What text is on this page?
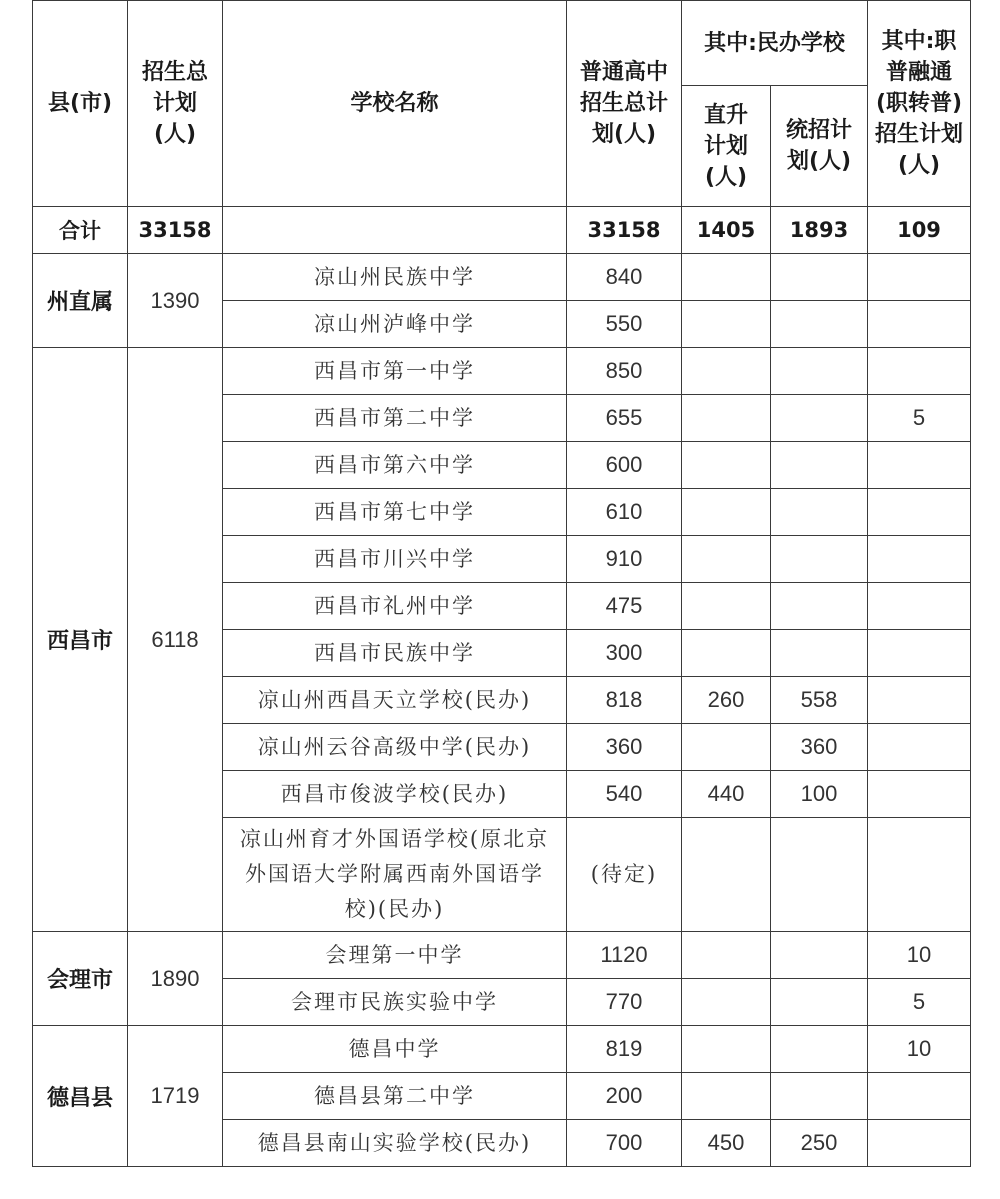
县(市)	招生总计划(人)	学校名称	普通高中招生总计划(人)	其中:民办学校		其中:职普融通(职转普)招生计划(人)
				直升计划(人)	统招计划(人)	
合计	33158		33158	1405	1893	109
州直属	1390	凉山州民族中学	840			
		凉山州泸峰中学	550			
西昌市	6118	西昌市第一中学	850			
		西昌市第二中学	655			5
		西昌市第六中学	600			
		西昌市第七中学	610			
		西昌市川兴中学	910			
		西昌市礼州中学	475			
		西昌市民族中学	300			
		凉山州西昌天立学校(民办)	818	260	558	
		凉山州云谷高级中学(民办)	360		360	
		西昌市俊波学校(民办)	540	440	100	
		凉山州育才外国语学校(原北京外国语大学附属西南外国语学校)(民办)	(待定)			
会理市	1890	会理第一中学	1120			10
		会理市民族实验中学	770			5
德昌县	1719	德昌中学	819			10
		德昌县第二中学	200			
		德昌县南山实验学校(民办)	700	450	250	
